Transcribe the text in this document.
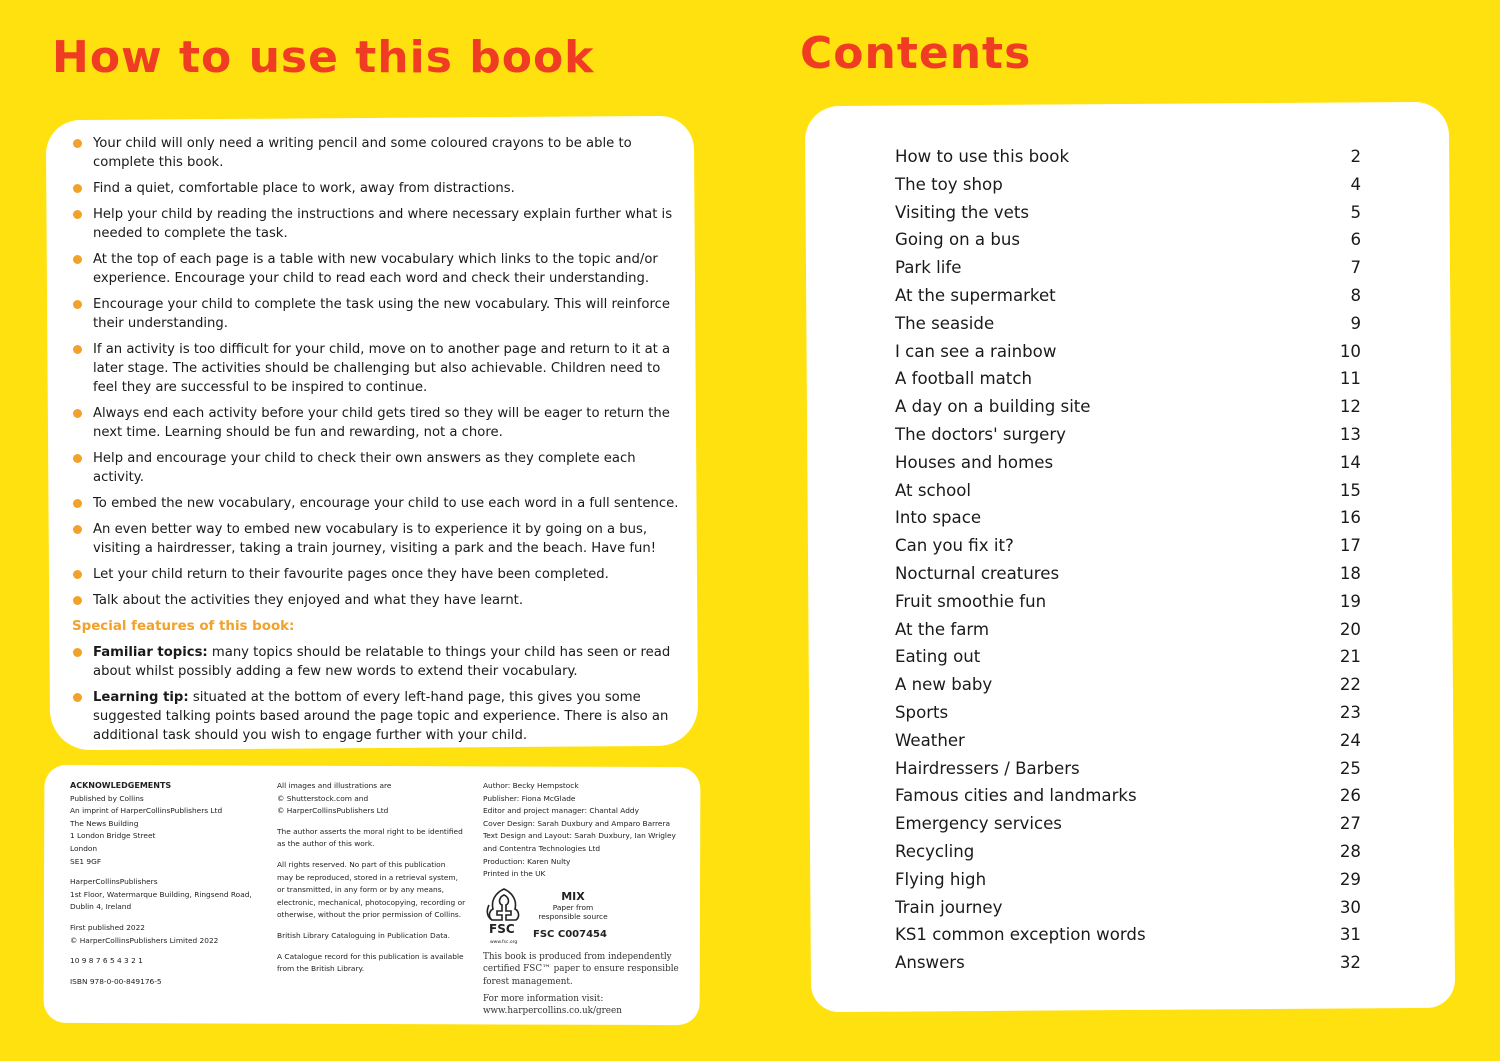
How to use this book	Contents
Your child will only need a writing pencil and some coloured crayons to be able to complete this book.
Find a quiet, comfortable place to work, away from distractions.
Help your child by reading the instructions and where necessary explain further what is needed to complete the task.
At the top of each page is a table with new vocabulary which links to the topic and/or experience. Encourage your child to read each word and check their understanding.
Encourage your child to complete the task using the new vocabulary. This will reinforce their understanding.
If an activity is too difficult for your child, move on to another page and return to it at a later stage. The activities should be challenging but also achievable. Children need to feel they are successful to be inspired to continue.
Always end each activity before your child gets tired so they will be eager to return the next time. Learning should be fun and rewarding, not a chore.
Help and encourage your child to check their own answers as they complete each activity.
To embed the new vocabulary, encourage your child to use each word in a full sentence.
An even better way to embed new vocabulary is to experience it by going on a bus, visiting a hairdresser, taking a train journey, visiting a park and the beach. Have fun!
Let your child return to their favourite pages once they have been completed.
Talk about the activities they enjoyed and what they have learnt.

Special features of this book:

Familiar topics: many topics should be relatable to things your child has seen or read about whilst possibly adding a few new words to extend their vocabulary.
Learning tip: situated at the bottom of every left-hand page, this gives you some suggested talking points based around the page topic and experience. There is also an additional task should you wish to engage further with your child.

ACKNOWLEDGEMENTS

Published by Collins

An imprint of HarperCollinsPublishers Ltd

The News Building

1 London Bridge Street

London

SE1 9GF

HarperCollinsPublishers

1st Floor, Watermarque Building, Ringsend Road,

Dublin 4, Ireland

First published 2022

© HarperCollinsPublishers Limited 2022

10 9 8 7 6 5 4 3 2 1

ISBN 978-0-00-849176-5

All images and illustrations are

© Shutterstock.com and

© HarperCollinsPublishers Ltd

The author asserts the moral right to be identified

as the author of this work.

All rights reserved. No part of this publication

may be reproduced, stored in a retrieval system,

or transmitted, in any form or by any means,

electronic, mechanical, photocopying, recording or

otherwise, without the prior permission of Collins.

British Library Cataloguing in Publication Data.

A Catalogue record for this publication is available

from the British Library.

Author: Becky Hempstock

Publisher: Fiona McGlade

Editor and project manager: Chantal Addy

Cover Design: Sarah Duxbury and Amparo Barrera

Text Design and Layout: Sarah Duxbury, Ian Wrigley

and Contentra Technologies Ltd

Production: Karen Nulty

Printed in the UK

FSC
www.fsc.org
MIX
Paper from
responsible source
FSC C007454

This book is produced from independently

certified FSC™ paper to ensure responsible

forest management.

For more information visit:

www.harpercollins.co.uk/green

How to use this book	2
The toy shop	4
Visiting the vets	5
Going on a bus	6
Park life	7
At the supermarket	8
The seaside	9
I can see a rainbow	10
A football match	11
A day on a building site	12
The doctors' surgery	13
Houses and homes	14
At school	15
Into space	16
Can you fix it?	17
Nocturnal creatures	18
Fruit smoothie fun	19
At the farm	20
Eating out	21
A new baby	22
Sports	23
Weather	24
Hairdressers / Barbers	25
Famous cities and landmarks	26
Emergency services	27
Recycling	28
Flying high	29
Train journey	30
KS1 common exception words	31
Answers	32
